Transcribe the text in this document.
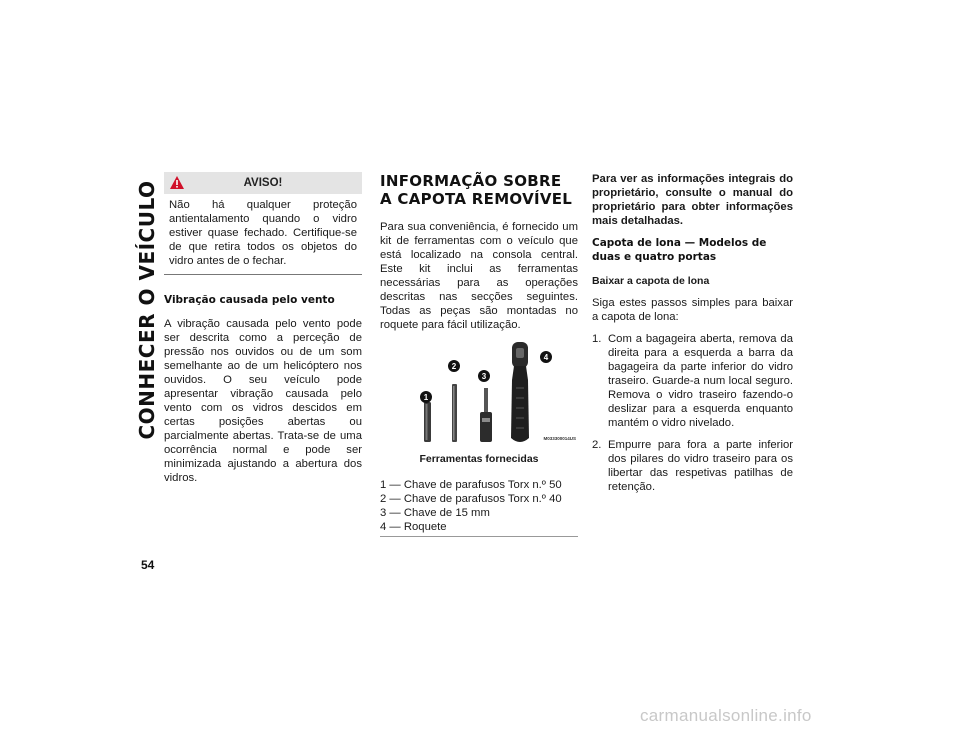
CONHECER O VEÍCULO
54
AVISO!
Não há qualquer proteção antientalamento quando o vidro estiver quase fechado. Certifique-se de que retira todos os objetos do vidro antes de o fechar.
Vibração causada pelo vento

A vibração causada pelo vento pode ser descrita como a perceção de pressão nos ouvidos ou de um som semelhante ao de um helicóptero nos ouvidos. O seu veículo pode apresentar vibração causada pelo vento com os vidros descidos em certas posições abertas ou parcialmente abertas. Trata-se de uma ocorrência normal e pode ser minimizada ajustando a abertura dos vidros.

INFORMAÇÃO SOBRE A CAPOTA REMOVÍVEL

Para sua conveniência, é fornecido um kit de ferramentas com o veículo que está localizado na consola central. Este kit inclui as ferramentas necessárias para as operações descritas nas secções seguintes. Todas as peças são montadas no roquete para fácil utilização.

1
2
3
4
M033300014US
Ferramentas fornecidas
1 — Chave de parafusos Torx n.º 50
2 — Chave de parafusos Torx n.º 40
3 — Chave de 15 mm
4 — Roquete

Para ver as informações integrais do proprietário, consulte o manual do proprietário para obter informações mais detalhadas.

Capota de lona — Modelos de duas e quatro portas
Baixar a capota de lona

Siga estes passos simples para baixar a capota de lona:

1. Com a bagageira aberta, remova da direita para a esquerda a barra da bagageira da parte inferior do vidro traseiro. Guarde-a num local seguro. Remova o vidro traseiro fazendo-o deslizar para a esquerda enquanto mantém o vidro nivelado.
2. Empurre para fora a parte inferior dos pilares do vidro traseiro para os libertar das respetivas patilhas de retenção.
carmanualsonline.info
